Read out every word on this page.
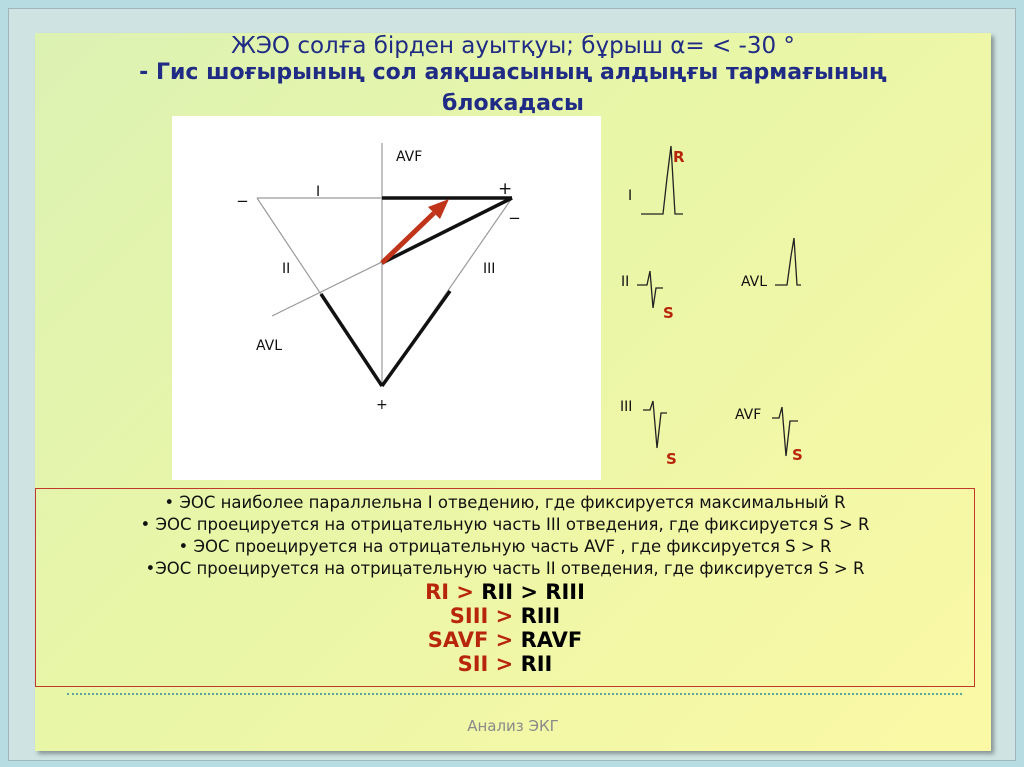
ЖЭО солға бірден ауытқуы; бұрыш α= < -30 °
- Гис шоғырының сол аяқшасының алдыңғы тармағының
блокадасы
AVF
I
II	III
AVL
+
_
_
+
I
R
II
S
AVL
III
S
AVF
S
• ЭОС наиболее параллельна I отведению, где фиксируется максимальный R
• ЭОС проецируется на отрицательную часть III отведения, где фиксируется S > R
• ЭОС проецируется на отрицательную часть AVF , где фиксируется S > R
•ЭОС проецируется на отрицательную часть II отведения, где фиксируется S > R
RI > RII > RIII
SIII > RIII
SAVF > RAVF
SII > RII
Анализ ЭКГ
